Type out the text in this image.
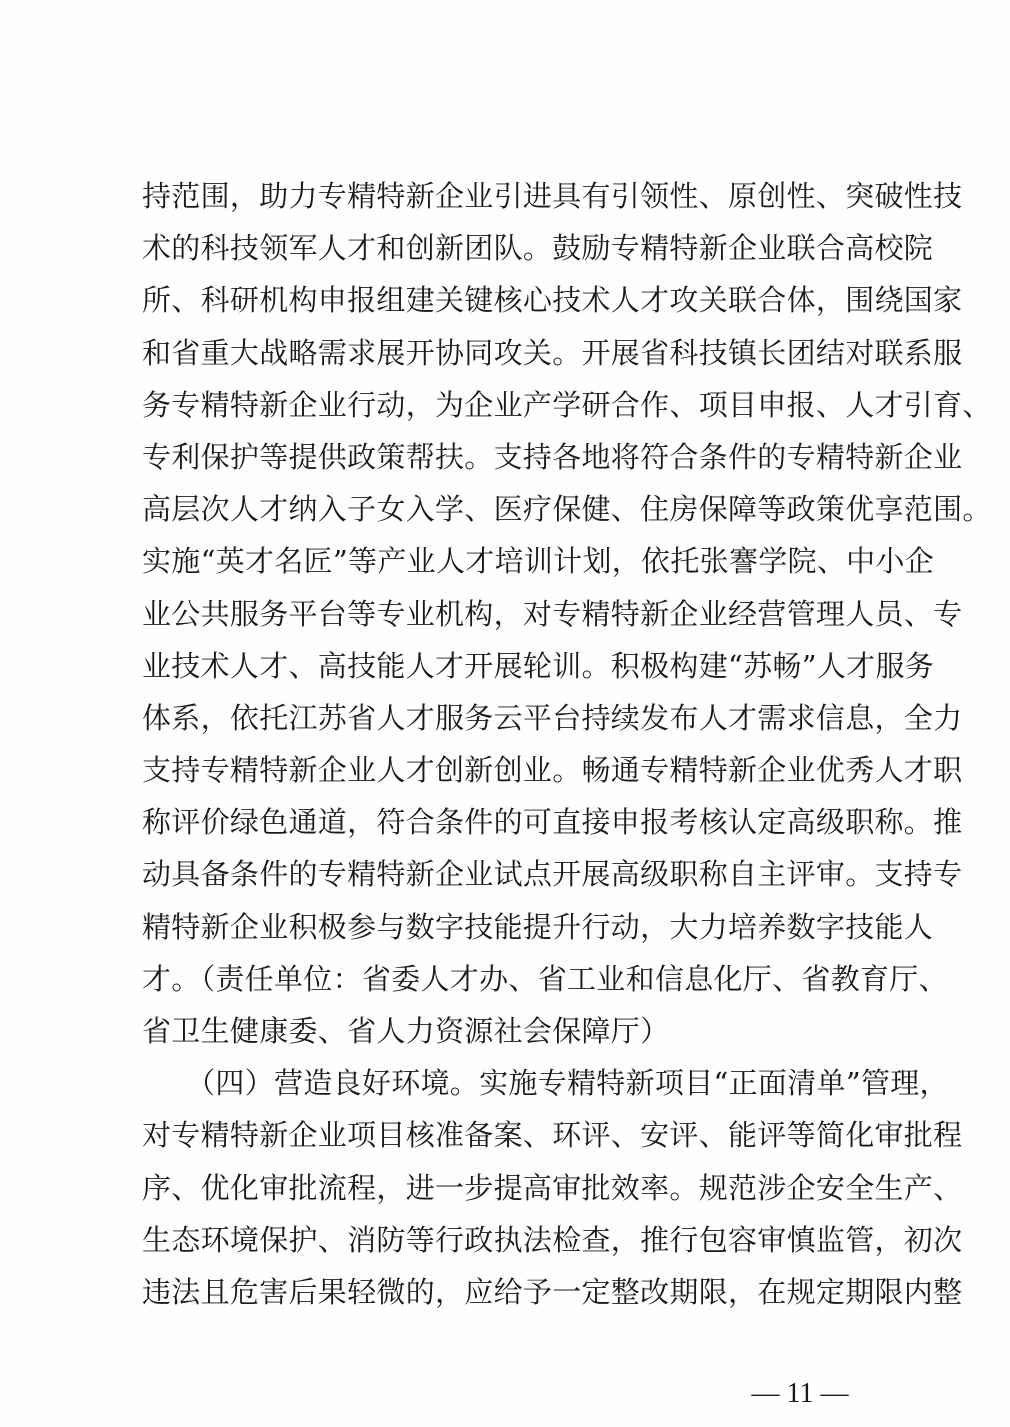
持范围，助力专精特新企业引进具有引领性、原创性、突破性技
术的科技领军人才和创新团队。鼓励专精特新企业联合高校院
所、科研机构申报组建关键核心技术人才攻关联合体，围绕国家
和省重大战略需求展开协同攻关。开展省科技镇长团结对联系服
务专精特新企业行动，为企业产学研合作、项目申报、人才引育、
专利保护等提供政策帮扶。支持各地将符合条件的专精特新企业
高层次人才纳入子女入学、医疗保健、住房保障等政策优享范围。
实施“英才名匠”等产业人才培训计划，依托张謇学院、中小企
业公共服务平台等专业机构，对专精特新企业经营管理人员、专
业技术人才、高技能人才开展轮训。积极构建“苏畅”人才服务
体系，依托江苏省人才服务云平台持续发布人才需求信息，全力
支持专精特新企业人才创新创业。畅通专精特新企业优秀人才职
称评价绿色通道，符合条件的可直接申报考核认定高级职称。推
动具备条件的专精特新企业试点开展高级职称自主评审。支持专
精特新企业积极参与数字技能提升行动，大力培养数字技能人
才。（责任单位：省委人才办、省工业和信息化厅、省教育厅、
省卫生健康委、省人力资源社会保障厅）
　　（四）营造良好环境。实施专精特新项目“正面清单”管理，
对专精特新企业项目核准备案、环评、安评、能评等简化审批程
序、优化审批流程，进一步提高审批效率。规范涉企安全生产、
生态环境保护、消防等行政执法检查，推行包容审慎监管，初次
违法且危害后果轻微的，应给予一定整改期限，在规定期限内整
— 11 —
